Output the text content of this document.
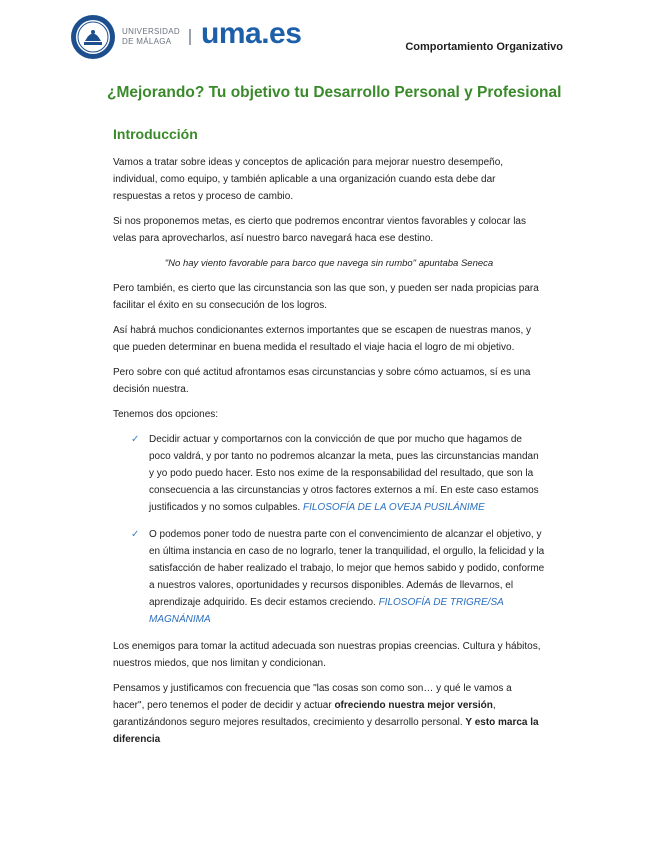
UNIVERSIDAD
DE MÁLAGA uma.es	Comportamiento Organizativo
¿Mejorando? Tu objetivo tu Desarrollo Personal y Profesional
Introducción

Vamos a tratar sobre ideas y conceptos de aplicación para mejorar nuestro desempeño, individual, como equipo, y también aplicable a una organización cuando esta debe dar respuestas a retos y proceso de cambio.

Si nos proponemos metas, es cierto que podremos encontrar vientos favorables y colocar las velas para aprovecharlos, así nuestro barco navegará haca ese destino.

"No hay viento favorable para barco que navega sin rumbo" apuntaba Seneca

Pero también, es cierto que las circunstancia son las que son, y pueden ser nada propicias para facilitar el éxito en su consecución de los logros.

Así habrá muchos condicionantes externos importantes que se escapen de nuestras manos, y que pueden determinar en buena medida el resultado el viaje hacia el logro de mi objetivo.

Pero sobre con qué actitud afrontamos esas circunstancias y sobre cómo actuamos, sí es una decisión nuestra.

Tenemos dos opciones:

✓ Decidir actuar y comportarnos con la convicción de que por mucho que hagamos de poco valdrá, y por tanto no podremos alcanzar la meta, pues las circunstancias mandan y yo podo puedo hacer. Esto nos exime de la responsabilidad del resultado, que son la consecuencia a las circunstancias y otros factores externos a mí. En este caso estamos justificados y no somos culpables. FILOSOFÍA DE LA OVEJA PUSILÁNIME
✓ O podemos poner todo de nuestra parte con el convencimiento de alcanzar el objetivo, y en última instancia en caso de no lograrlo, tener la tranquilidad, el orgullo, la felicidad y la satisfacción de haber realizado el trabajo, lo mejor que hemos sabido y podido, conforme a nuestros valores, oportunidades y recursos disponibles. Además de llevarnos, el aprendizaje adquirido. Es decir estamos creciendo. FILOSOFÍA DE TRIGRE/SA MAGNÁNIMA

Los enemigos para tomar la actitud adecuada son nuestras propias creencias. Cultura y hábitos, nuestros miedos, que nos limitan y condicionan.

Pensamos y justificamos con frecuencia que "las cosas son como son… y qué le vamos a hacer", pero tenemos el poder de decidir y actuar ofreciendo nuestra mejor versión, garantizándonos seguro mejores resultados, crecimiento y desarrollo personal. Y esto marca la diferencia
